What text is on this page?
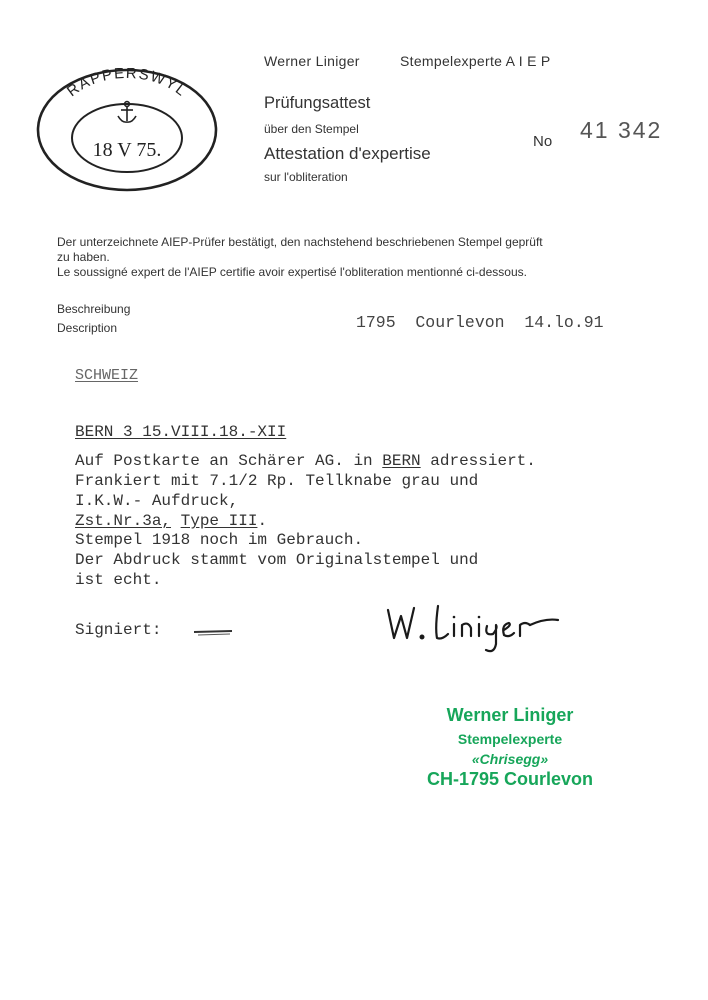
RAPPERSWYL
18 V 75.
Werner Liniger	Stempelexperte A I E P
Prüfungsattest
über den Stempel
Attestation d'expertise
sur l'obliteration
No 41 342
Der unterzeichnete AIEP-Prüfer bestätigt, den nachstehend beschriebenen Stempel geprüft
zu haben.
Le soussigné expert de l'AIEP certifie avoir expertisé l'obliteration mentionné ci-dessous.
Beschreibung
Description	1795  Courlevon  14.lo.91
SCHWEIZ
BERN 3 15.VIII.18.-XII
Auf Postkarte an Schärer AG. in BERN adressiert.
Frankiert mit 7.1/2 Rp. Tellknabe grau und
I.K.W.- Aufdruck,
Zst.Nr.3a, Type III.
Stempel 1918 noch im Gebrauch.
Der Abdruck stammt vom Originalstempel und
ist echt.
Signiert:
Werner Liniger
Stempelexperte
«Chrisegg»
CH-1795 Courlevon
